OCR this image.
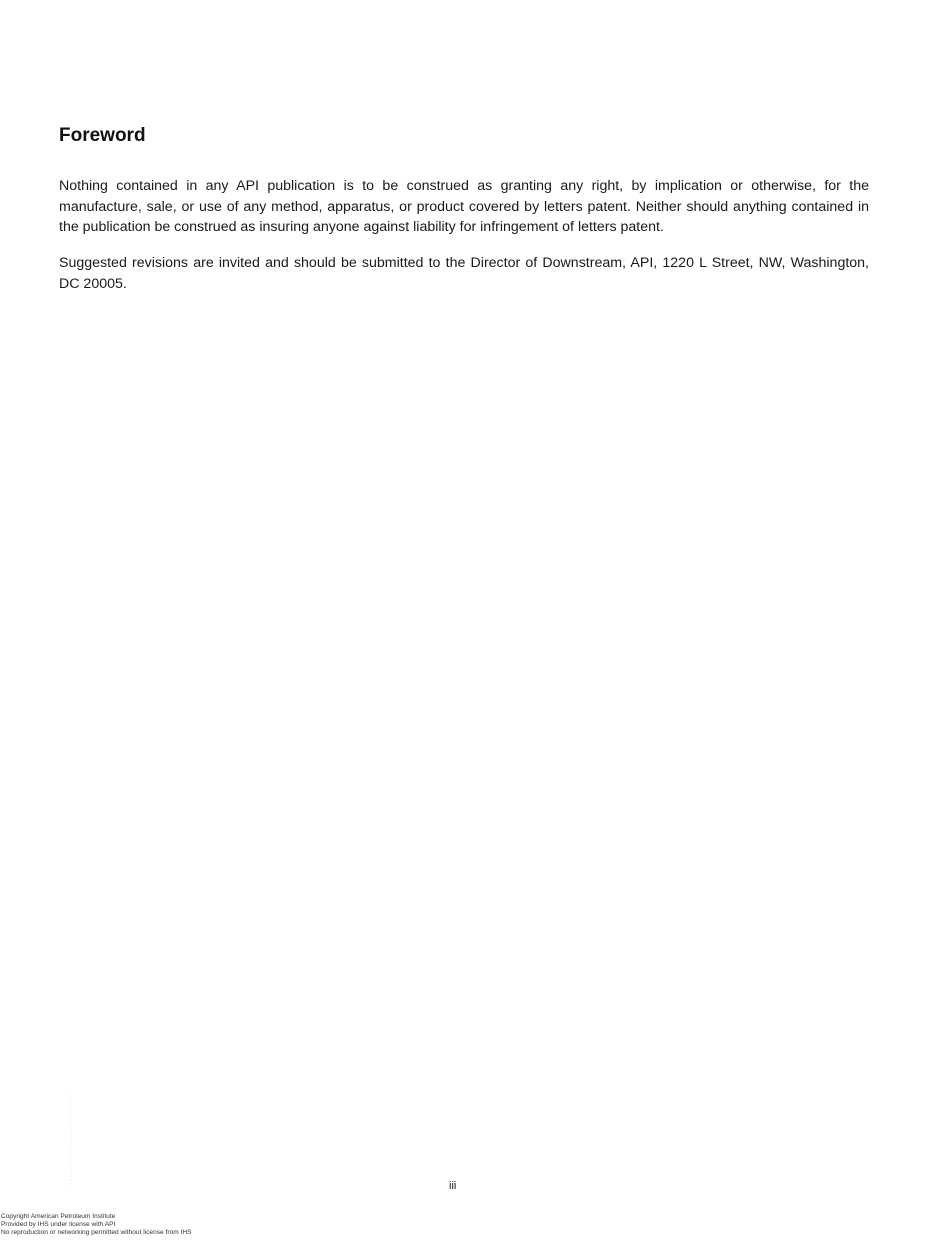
Foreword

Nothing contained in any API publication is to be construed as granting any right, by implication or otherwise, for the manufacture, sale, or use of any method, apparatus, or product covered by letters patent. Neither should anything contained in the publication be construed as insuring anyone against liability for infringement of letters patent.

Suggested revisions are invited and should be submitted to the Director of Downstream, API, 1220 L Street, NW, Washington, DC 20005.

- - - - - - - - - - - - - - - - - - - - - - - - - -	iii
Copyright American Petroleum Institute
Provided by IHS under license with API
No reproduction or networking permitted without license from IHS
